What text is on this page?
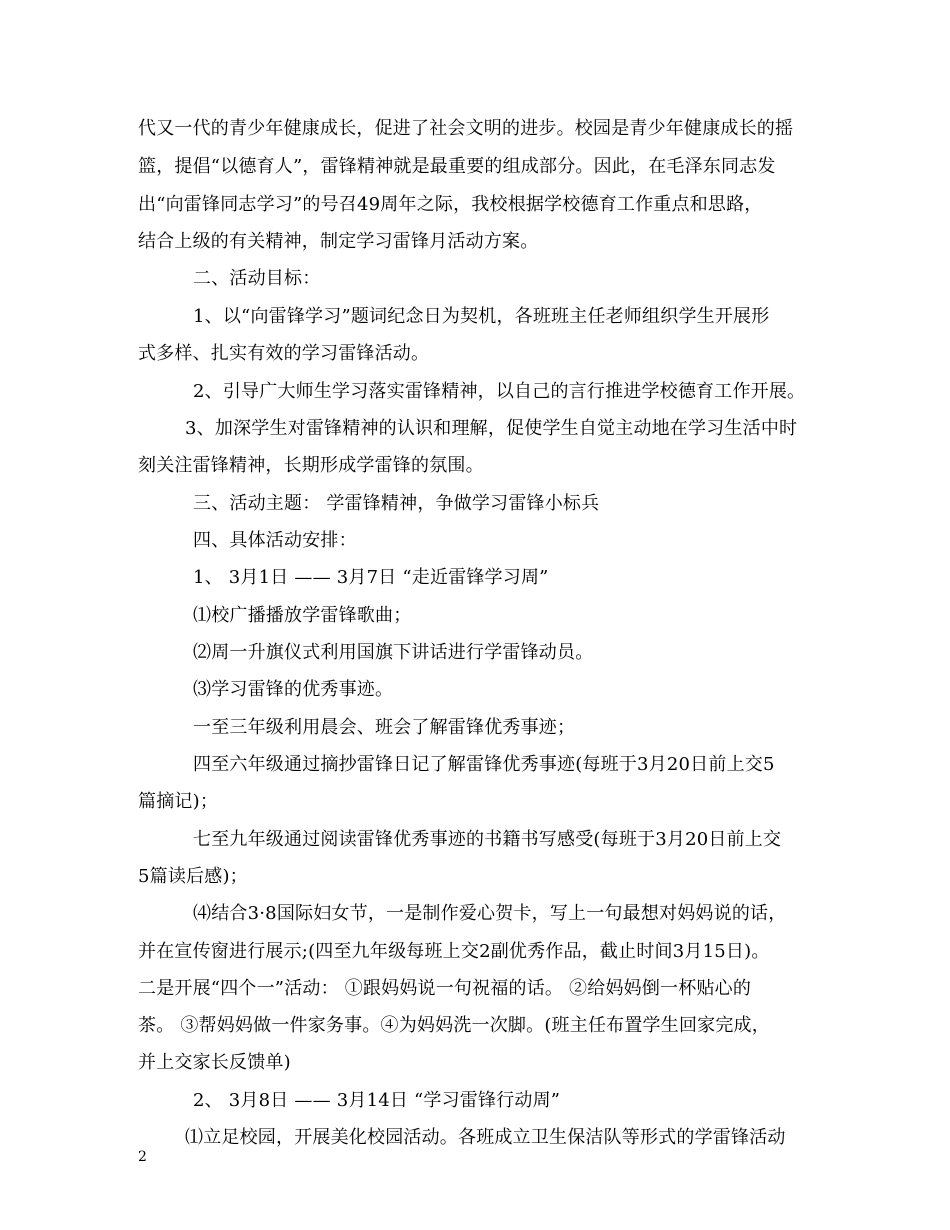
代又一代的青少年健康成长，促进了社会文明的进步。校园是青少年健康成长的摇
篮，提倡“以德育人”，雷锋精神就是最重要的组成部分。因此，在毛泽东同志发
出“向雷锋同志学习”的号召49周年之际，我校根据学校德育工作重点和思路，
结合上级的有关精神，制定学习雷锋月活动方案。
二、活动目标：
1、以“向雷锋学习”题词纪念日为契机，各班班主任老师组织学生开展形
式多样、扎实有效的学习雷锋活动。
2、引导广大师生学习落实雷锋精神，以自己的言行推进学校德育工作开展。
3、加深学生对雷锋精神的认识和理解，促使学生自觉主动地在学习生活中时
刻关注雷锋精神，长期形成学雷锋的氛围。
三、活动主题： 学雷锋精神，争做学习雷锋小标兵
四、具体活动安排：
1、 3月1日 —— 3月7日 “走近雷锋学习周”
⑴校广播播放学雷锋歌曲；
⑵周一升旗仪式利用国旗下讲话进行学雷锋动员。
⑶学习雷锋的优秀事迹。
一至三年级利用晨会、班会了解雷锋优秀事迹；
四至六年级通过摘抄雷锋日记了解雷锋优秀事迹(每班于3月20日前上交5
篇摘记)；
七至九年级通过阅读雷锋优秀事迹的书籍书写感受(每班于3月20日前上交
5篇读后感)；
⑷结合3·8国际妇女节，一是制作爱心贺卡，写上一句最想对妈妈说的话，
并在宣传窗进行展示;(四至九年级每班上交2副优秀作品，截止时间3月15日)。
二是开展“四个一”活动： ①跟妈妈说一句祝福的话。 ②给妈妈倒一杯贴心的
茶。 ③帮妈妈做一件家务事。④为妈妈洗一次脚。(班主任布置学生回家完成，
并上交家长反馈单)
2、 3月8日 —— 3月14日 “学习雷锋行动周”
⑴立足校园，开展美化校园活动。各班成立卫生保洁队等形式的学雷锋活动
2
